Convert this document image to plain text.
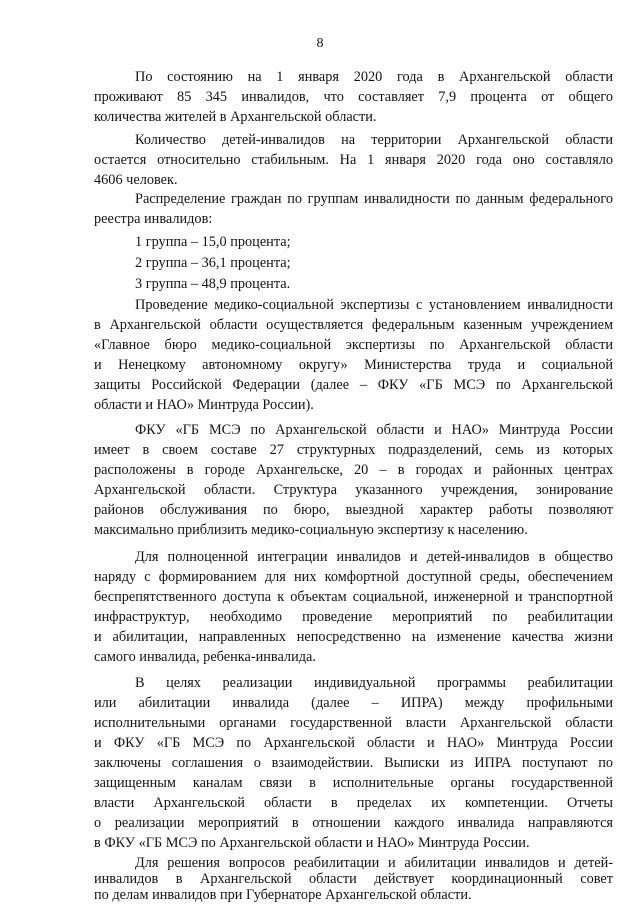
8
По состоянию на 1 января 2020 года в Архангельской области
проживают 85 345 инвалидов, что составляет 7,9 процента от общего
количества жителей в Архангельской области.
Количество детей-инвалидов на территории Архангельской области
остается относительно стабильным. На 1 января 2020 года оно составляло
4606 человек.
Распределение граждан по группам инвалидности по данным федерального
реестра инвалидов:
1 группа – 15,0 процента;
2 группа – 36,1 процента;
3 группа – 48,9 процента.
Проведение медико-социальной экспертизы с установлением инвалидности
в Архангельской области осуществляется федеральным казенным учреждением
«Главное бюро медико-социальной экспертизы по Архангельской области
и Ненецкому автономному округу» Министерства труда и социальной
защиты Российской Федерации (далее – ФКУ «ГБ МСЭ по Архангельской
области и НАО» Минтруда России).
ФКУ «ГБ МСЭ по Архангельской области и НАО» Минтруда России
имеет в своем составе 27 структурных подразделений, семь из которых
расположены в городе Архангельске, 20 – в городах и районных центрах
Архангельской области. Структура указанного учреждения, зонирование
районов обслуживания по бюро, выездной характер работы позволяют
максимально приблизить медико-социальную экспертизу к населению.
Для полноценной интеграции инвалидов и детей-инвалидов в общество
наряду с формированием для них комфортной доступной среды, обеспечением
беспрепятственного доступа к объектам социальной, инженерной и транспортной
инфраструктур, необходимо проведение мероприятий по реабилитации
и абилитации, направленных непосредственно на изменение качества жизни
самого инвалида, ребенка-инвалида.
В целях реализации индивидуальной программы реабилитации
или абилитации инвалида (далее – ИПРА) между профильными
исполнительными органами государственной власти Архангельской области
и ФКУ «ГБ МСЭ по Архангельской области и НАО» Минтруда России
заключены соглашения о взаимодействии. Выписки из ИПРА поступают по
защищенным каналам связи в исполнительные органы государственной
власти Архангельской области в пределах их компетенции. Отчеты
о реализации мероприятий в отношении каждого инвалида направляются
в ФКУ «ГБ МСЭ по Архангельской области и НАО» Минтруда России.
Для решения вопросов реабилитации и абилитации инвалидов и детей-
инвалидов в Архангельской области действует координационный совет
по делам инвалидов при Губернаторе Архангельской области.
